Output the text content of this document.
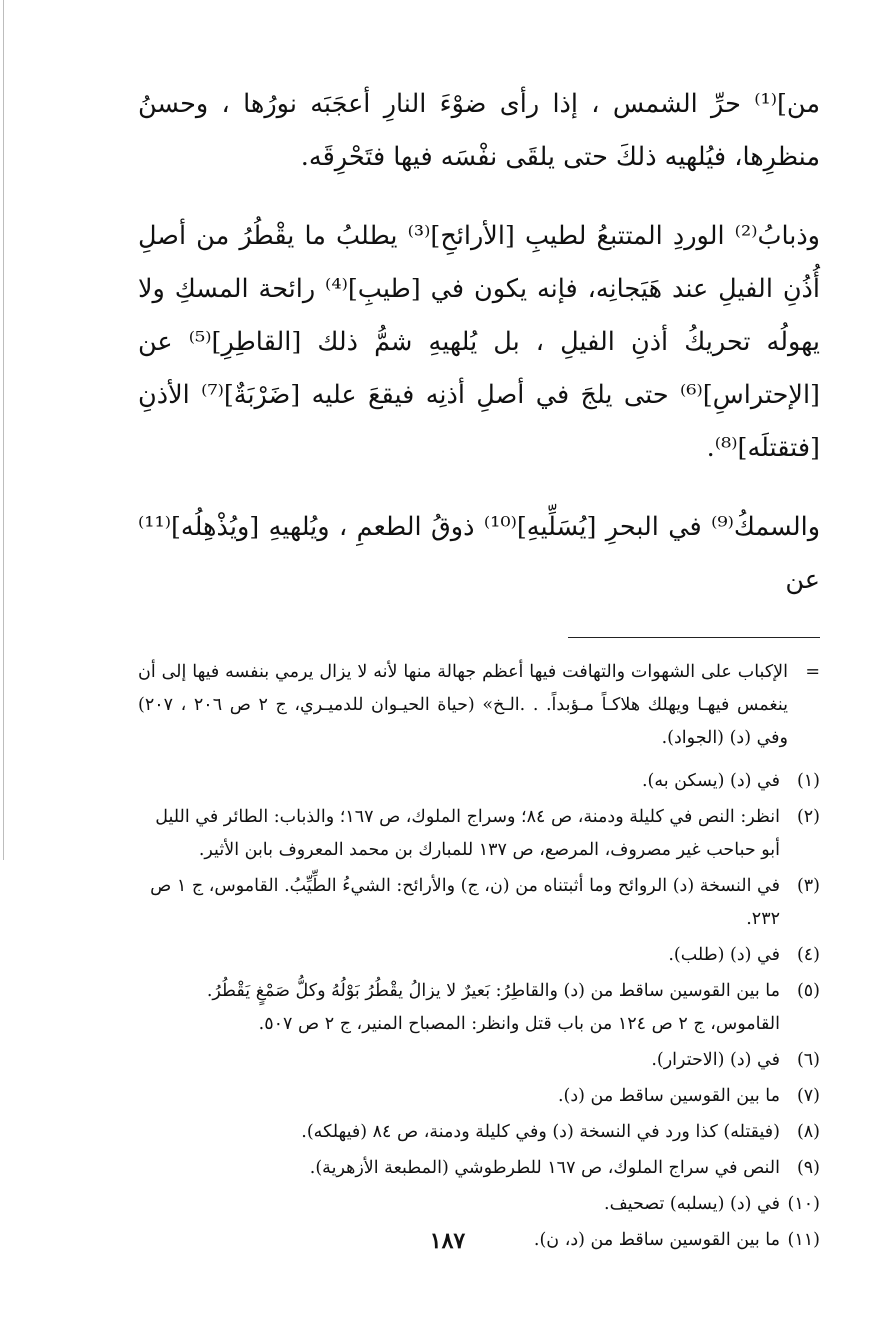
من]⁽¹⁾ حرِّ الشمس ، إذا رأى ضوْءَ النارِ أعجَبَه نورُها ، وحسنُ منظرِها، فيُلهيه ذلكَ حتى يلقَى نفْسَه فيها فتَحْرِقَه.

وذبابُ⁽²⁾ الوردِ المتتبعُ لطيبِ [الأرائحِ]⁽³⁾ يطلبُ ما يقْطُرُ من أصلِ أُذُنِ الفيلِ عند هَيَجانِه، فإنه يكون في [طيبِ]⁽⁴⁾ رائحة المسكِ ولا يهولُه تحريكُ أذنِ الفيلِ ، بل يُلهيهِ شمُّ ذلك [القاطِرِ]⁽⁵⁾ عن [الإحتراسِ]⁽⁶⁾ حتى يلجَ في أصلِ أذنِه فيقعَ عليه [ضَرْبَةٌ]⁽⁷⁾ الأذنِ [فتقتلَه]⁽⁸⁾.

والسمكُ⁽⁹⁾ في البحرِ [يُسَلِّيهِ]⁽¹⁰⁾ ذوقُ الطعمِ ، ويُلهيهِ [ويُذْهِلُه]⁽¹¹⁾ عن

=
الإكباب على الشهوات والتهافت فيها أعظم جهالة منها لأنه لا يزال يرمي بنفسه فيها إلى أن ينغمس فيهـا ويهلك هلاكـاً مـؤبداً. . .الـخ» (حياة الحيـوان للدميـري، ج ٢ ص ٢٠٦ ، ٢٠٧) وفي (د) (الجواد).
(١)
في (د) (يسكن به).
(٢)
انظر: النص في كليلة ودمنة، ص ٨٤؛ وسراج الملوك، ص ١٦٧؛ والذباب: الطائر في الليل أبو حباحب غير مصروف، المرصع، ص ١٣٧ للمبارك بن محمد المعروف بابن الأثير.
(٣)
في النسخة (د) الروائح وما أثبتناه من (ن، ج) والأرائح: الشيءُ الطِّيِّبُ. القاموس، ج ١ ص ٢٣٢.
(٤)
في (د) (طلب).
(٥)
ما بين القوسين ساقط من (د) والقاطِرُ: بَعيرٌ لا يزالُ يقْطُرُ بَوْلُهُ وكلُّ صَمْغٍ يَقْطُرُ. القاموس، ج ٢ ص ١٢٤ من باب قتل وانظر: المصباح المنير، ج ٢ ص ٥٠٧.
(٦)
في (د) (الاحترار).
(٧)
ما بين القوسين ساقط من (د).
(٨)
(فيقتله) كذا ورد في النسخة (د) وفي كليلة ودمنة، ص ٨٤ (فيهلكه).
(٩)
النص في سراج الملوك، ص ١٦٧ للطرطوشي (المطبعة الأزهرية).
(١٠)
في (د) (يسلبه) تصحيف.
(١١)
ما بين القوسين ساقط من (د، ن).
١٨٧
